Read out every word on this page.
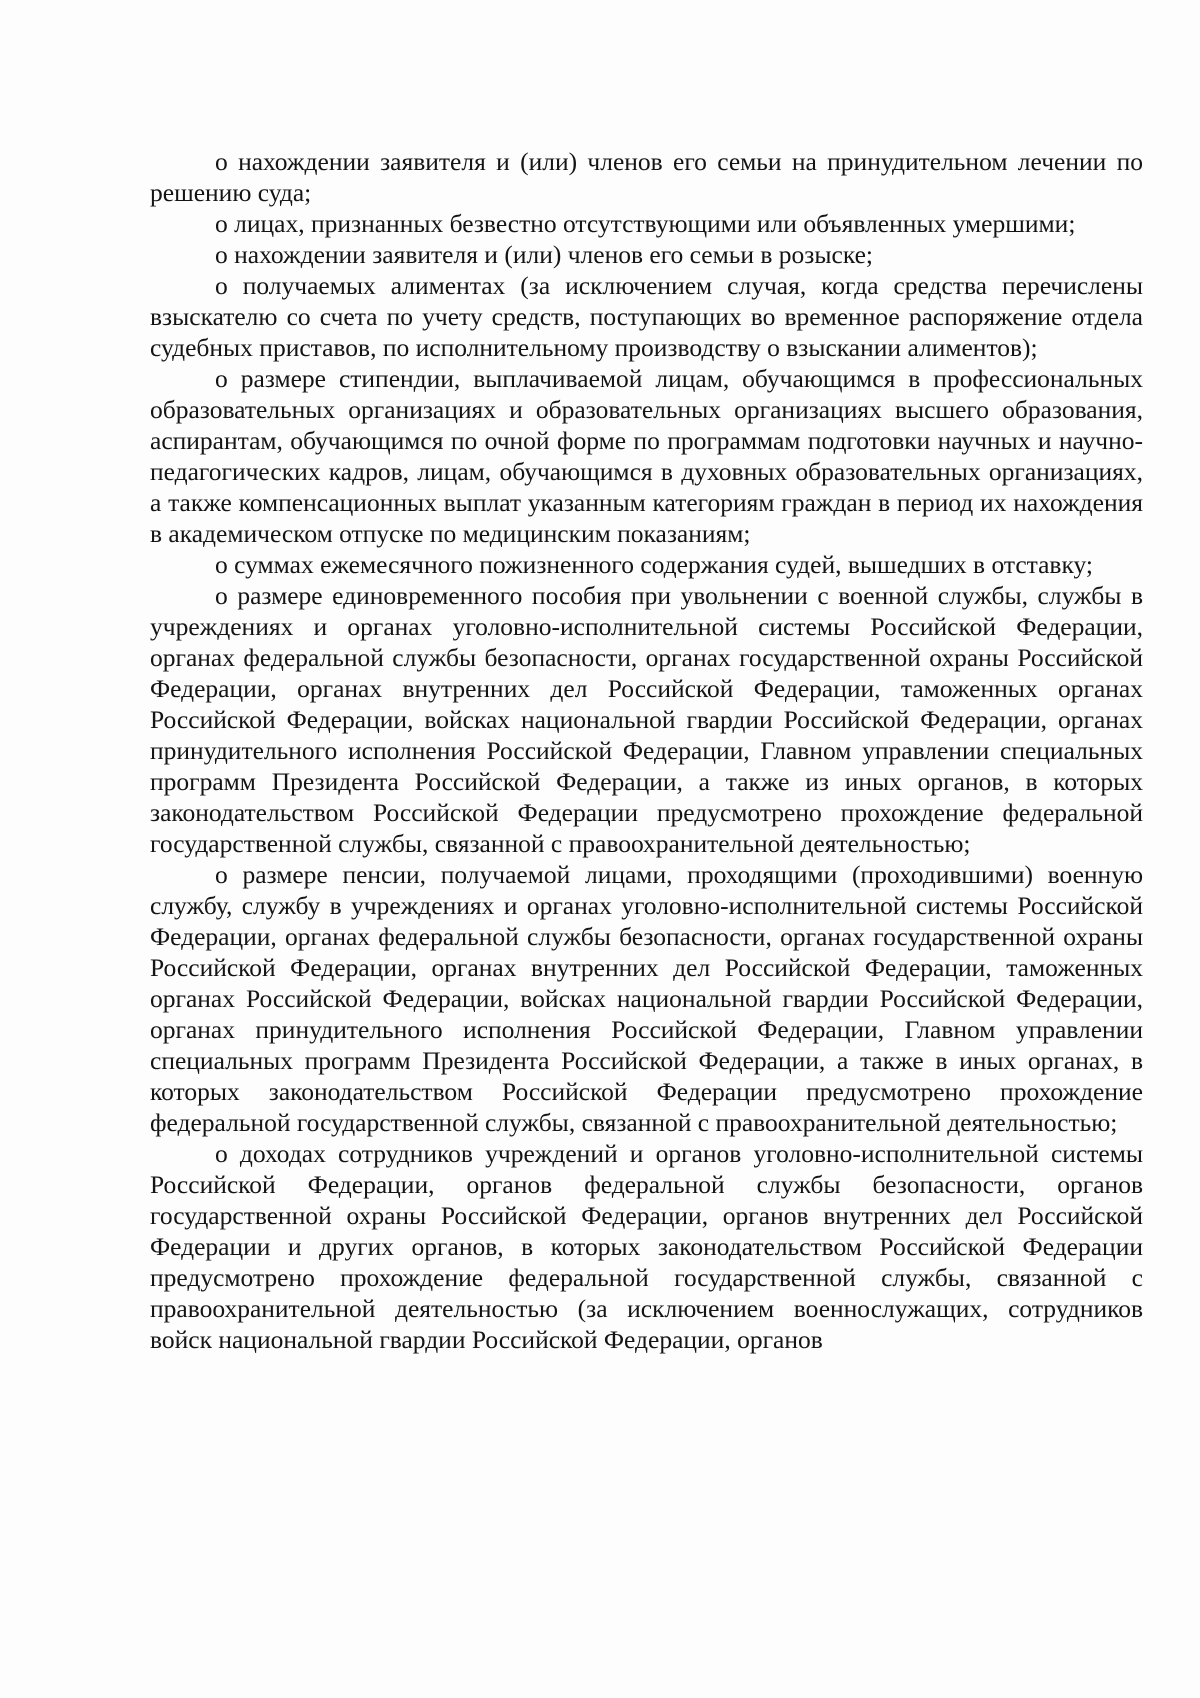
о нахождении заявителя и (или) членов его семьи на принудительном лечении по решению суда;

о лицах, признанных безвестно отсутствующими или объявленных умершими;

о нахождении заявителя и (или) членов его семьи в розыске;

о получаемых алиментах (за исключением случая, когда средства перечислены взыскателю со счета по учету средств, поступающих во временное распоряжение отдела судебных приставов, по исполнительному производству о взыскании алиментов);

о размере стипендии, выплачиваемой лицам, обучающимся в профессиональных образовательных организациях и образовательных организациях высшего образования, аспирантам, обучающимся по очной форме по программам подготовки научных и научно-педагогических кадров, лицам, обучающимся в духовных образовательных организациях, а также компенсационных выплат указанным категориям граждан в период их нахождения в академическом отпуске по медицинским показаниям;

о суммах ежемесячного пожизненного содержания судей, вышедших в отставку;

о размере единовременного пособия при увольнении с военной службы, службы в учреждениях и органах уголовно-исполнительной системы Российской Федерации, органах федеральной службы безопасности, органах государственной охраны Российской Федерации, органах внутренних дел Российской Федерации, таможенных органах Российской Федерации, войсках национальной гвардии Российской Федерации, органах принудительного исполнения Российской Федерации, Главном управлении специальных программ Президента Российской Федерации, а также из иных органов, в которых законодательством Российской Федерации предусмотрено прохождение федеральной государственной службы, связанной с правоохранительной деятельностью;

о размере пенсии, получаемой лицами, проходящими (проходившими) военную службу, службу в учреждениях и органах уголовно-исполнительной системы Российской Федерации, органах федеральной службы безопасности, органах государственной охраны Российской Федерации, органах внутренних дел Российской Федерации, таможенных органах Российской Федерации, войсках национальной гвардии Российской Федерации, органах принудительного исполнения Российской Федерации, Главном управлении специальных программ Президента Российской Федерации, а также в иных органах, в которых законодательством Российской Федерации предусмотрено прохождение федеральной государственной службы, связанной с правоохранительной деятельностью;

о доходах сотрудников учреждений и органов уголовно-исполнительной системы Российской Федерации, органов федеральной службы безопасности, органов государственной охраны Российской Федерации, органов внутренних дел Российской Федерации и других органов, в которых законодательством Российской Федерации предусмотрено прохождение федеральной государственной службы, связанной с правоохранительной деятельностью (за исключением военнослужащих, сотрудников войск национальной гвардии Российской Федерации, органов
